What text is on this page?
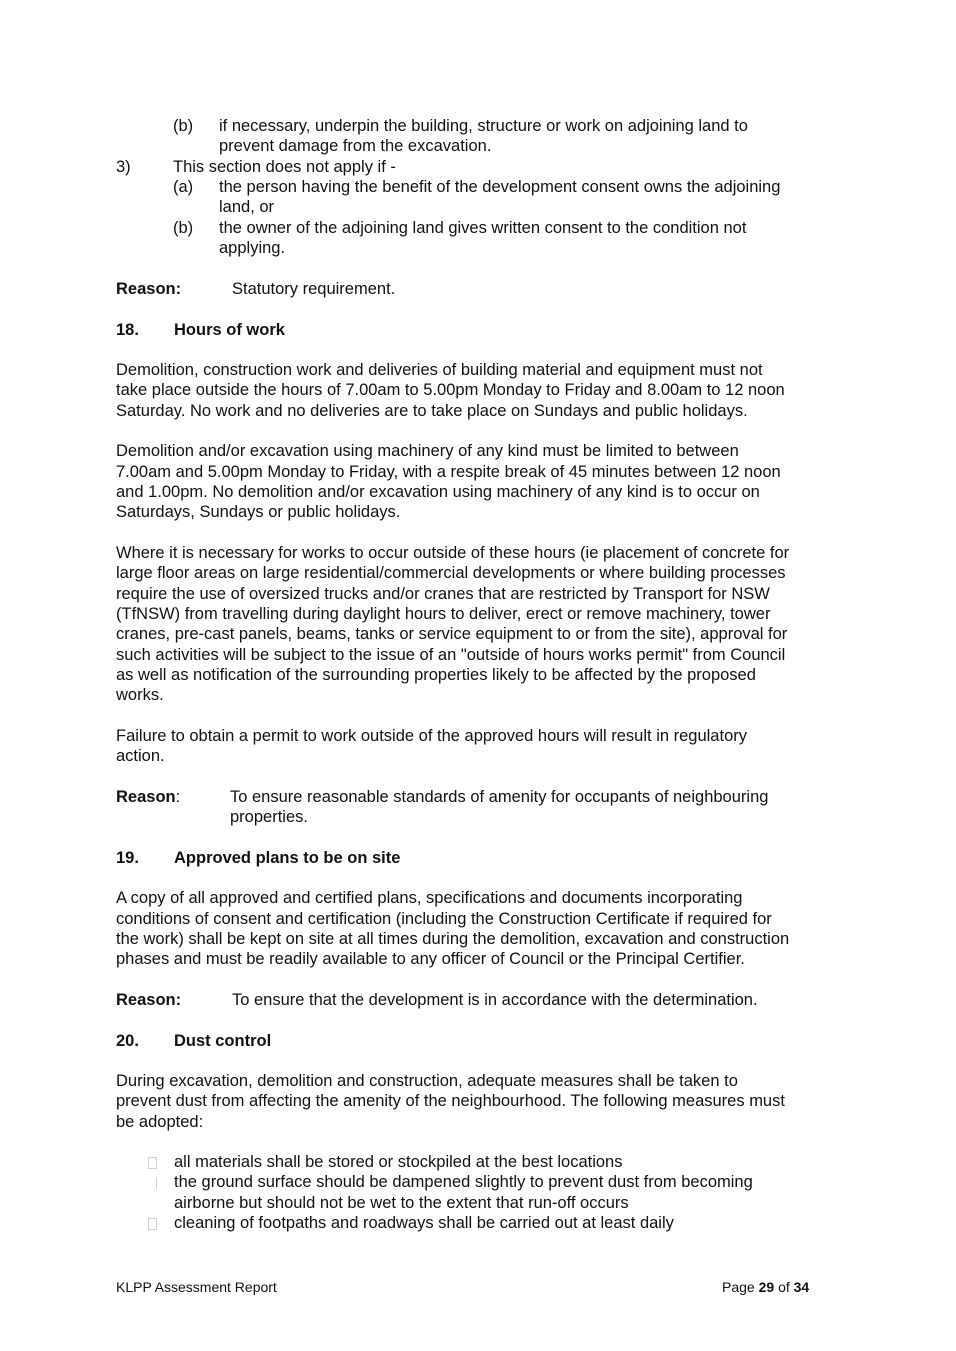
(b) if necessary, underpin the building, structure or work on adjoining land to
prevent damage from the excavation.
3)	This section does not apply if -
(a) the person having the benefit of the development consent owns the adjoining
land, or
(b) the owner of the adjoining land gives written consent to the condition not
applying.
Reason:	Statutory requirement.
18. Hours of work
Demolition, construction work and deliveries of building material and equipment must not
take place outside the hours of 7.00am to 5.00pm Monday to Friday and 8.00am to 12 noon
Saturday. No work and no deliveries are to take place on Sundays and public holidays.
Demolition and/or excavation using machinery of any kind must be limited to between
7.00am and 5.00pm Monday to Friday, with a respite break of 45 minutes between 12 noon
and 1.00pm. No demolition and/or excavation using machinery of any kind is to occur on
Saturdays, Sundays or public holidays.
Where it is necessary for works to occur outside of these hours (ie placement of concrete for
large floor areas on large residential/commercial developments or where building processes
require the use of oversized trucks and/or cranes that are restricted by Transport for NSW
(TfNSW) from travelling during daylight hours to deliver, erect or remove machinery, tower
cranes, pre-cast panels, beams, tanks or service equipment to or from the site), approval for
such activities will be subject to the issue of an "outside of hours works permit" from Council
as well as notification of the surrounding properties likely to be affected by the proposed
works.
Failure to obtain a permit to work outside of the approved hours will result in regulatory
action.
Reason:	To ensure reasonable standards of amenity for occupants of neighbouring
properties.
19. Approved plans to be on site
A copy of all approved and certified plans, specifications and documents incorporating
conditions of consent and certification (including the Construction Certificate if required for
the work) shall be kept on site at all times during the demolition, excavation and construction
phases and must be readily available to any officer of Council or the Principal Certifier.
Reason:	To ensure that the development is in accordance with the determination.
20. Dust control
During excavation, demolition and construction, adequate measures shall be taken to
prevent dust from affecting the amenity of the neighbourhood. The following measures must
be adopted:
all materials shall be stored or stockpiled at the best locations
the ground surface should be dampened slightly to prevent dust from becoming
airborne but should not be wet to the extent that run-off occurs
cleaning of footpaths and roadways shall be carried out at least daily
KLPP Assessment Report	Page 29 of 34
